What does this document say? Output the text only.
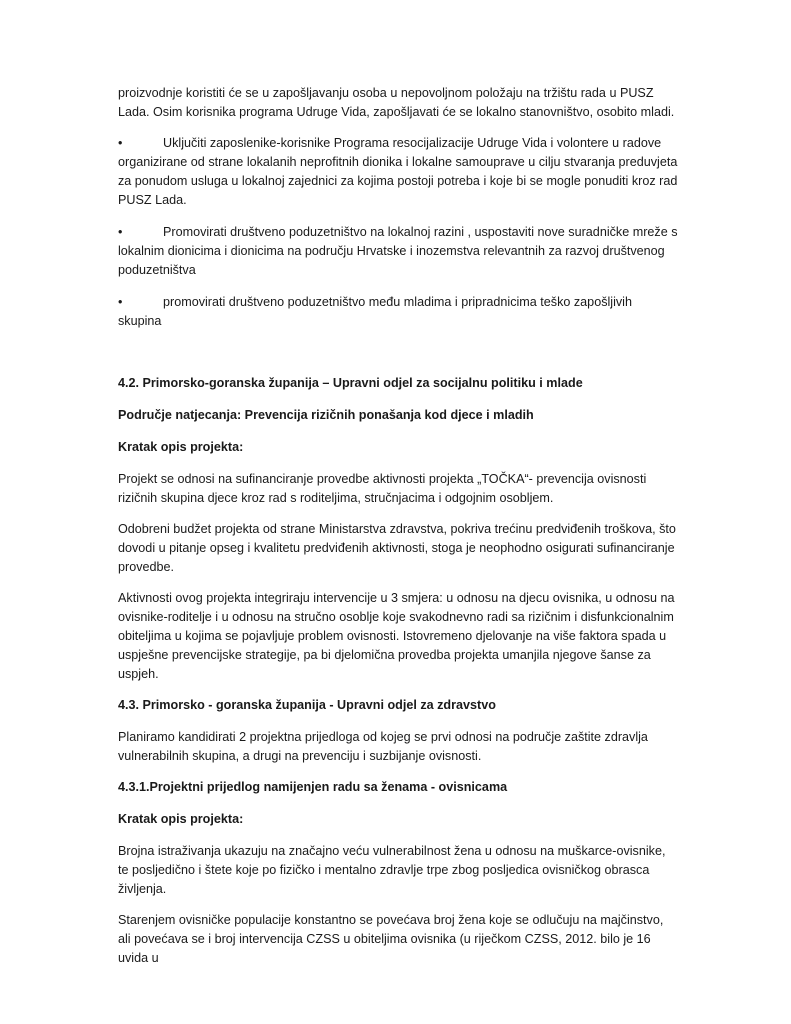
proizvodnje koristiti će se u zapošljavanju osoba u nepovoljnom položaju na tržištu rada u PUSZ Lada. Osim korisnika programa Udruge Vida, zapošljavati će se lokalno stanovništvo, osobito mladi.

•	Uključiti zaposlenike-korisnike Programa resocijalizacije Udruge Vida i volontere u radove organizirane od strane lokalanih neprofitnih dionika i lokalne samouprave u cilju stvaranja preduvjeta za ponudom usluga u lokalnoj zajednici za kojima postoji potreba i koje bi se mogle ponuditi kroz rad PUSZ Lada.
•	Promovirati društveno poduzetništvo na lokalnoj razini , uspostaviti nove suradničke mreže s lokalnim dionicima i dionicima na području Hrvatske i inozemstva relevantnih za razvoj društvenog poduzetništva
•	promovirati društveno poduzetništvo među mladima i pripradnicima teško zapošljivih skupina

4.2. Primorsko-goranska županija – Upravni odjel za socijalnu politiku i mlade

Područje natjecanja: Prevencija rizičnih ponašanja kod djece i mladih

Kratak opis projekta:

Projekt se odnosi na sufinanciranje provedbe aktivnosti projekta „TOČKA“- prevencija ovisnosti rizičnih skupina djece kroz rad s roditeljima, stručnjacima i odgojnim osobljem.

Odobreni budžet projekta od strane Ministarstva zdravstva, pokriva trećinu predviđenih troškova, što dovodi u pitanje opseg i kvalitetu predviđenih aktivnosti, stoga je neophodno osigurati sufinanciranje provedbe.

Aktivnosti ovog projekta integriraju intervencije u 3 smjera: u odnosu na djecu ovisnika, u odnosu na ovisnike-roditelje i u odnosu na stručno osoblje koje svakodnevno radi sa rizičnim i disfunkcionalnim obiteljima u kojima se pojavljuje problem ovisnosti. Istovremeno djelovanje na više faktora spada u uspješne prevencijske strategije, pa bi djelomična provedba projekta umanjila njegove šanse za uspjeh.

4.3. Primorsko - goranska županija - Upravni odjel za zdravstvo

Planiramo kandidirati 2 projektna prijedloga od kojeg se prvi odnosi na područje zaštite zdravlja vulnerabilnih skupina, a drugi na prevenciju i suzbijanje ovisnosti.

4.3.1.Projektni prijedlog namijenjen radu sa ženama - ovisnicama

Kratak opis projekta:

Brojna istraživanja ukazuju na značajno veću vulnerabilnost žena u odnosu na muškarce-ovisnike, te posljedično i štete koje po fizičko i mentalno zdravlje trpe zbog posljedica ovisničkog obrasca življenja.

Starenjem ovisničke populacije konstantno se povećava broj žena koje se odlučuju na majčinstvo, ali povećava se i broj intervencija CZSS u obiteljima ovisnika (u riječkom CZSS, 2012. bilo je 16 uvida u
